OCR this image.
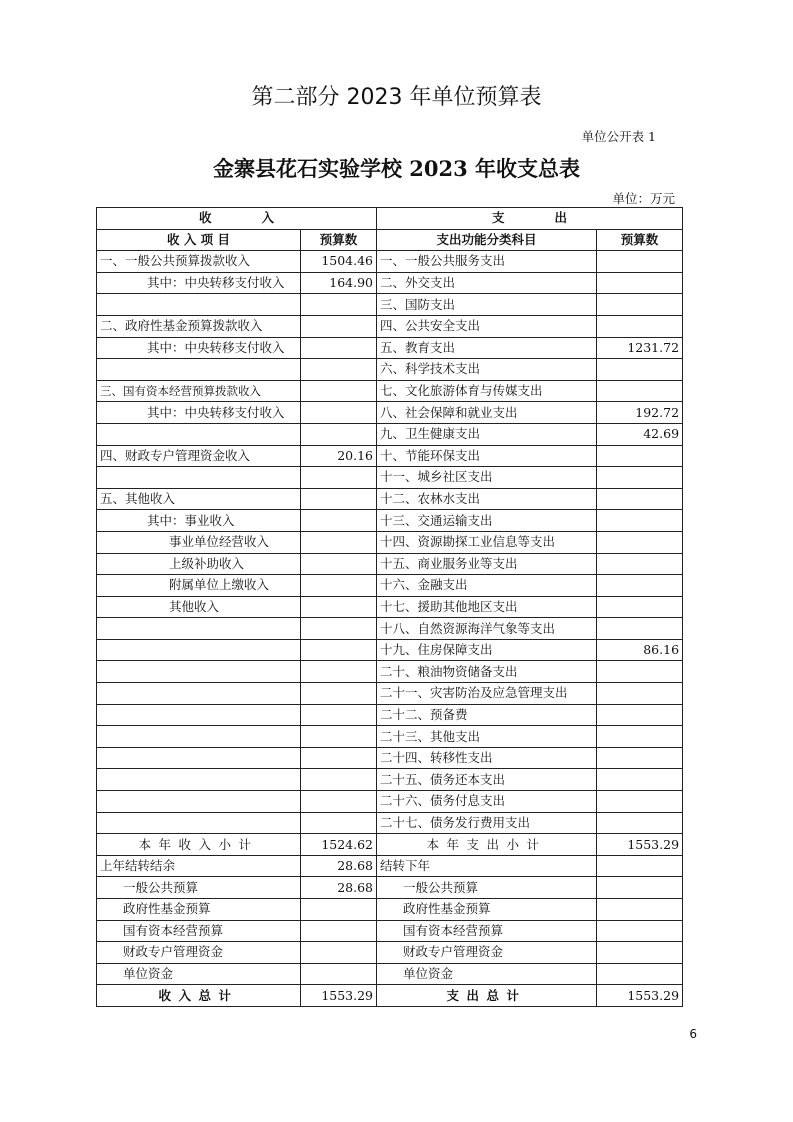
第二部分 2023 年单位预算表
单位公开表 1
金寨县花石实验学校 2023 年收支总表
单位：万元
收　　　　入		支　　　　出	
收 入 项 目	预算数	支出功能分类科目	预算数
一、一般公共预算拨款收入	1504.46	一、一般公共服务支出	
其中：中央转移支付收入	164.90	二、外交支出	
		三、国防支出	
二、政府性基金预算拨款收入		四、公共安全支出	
其中：中央转移支付收入		五、教育支出	1231.72
		六、科学技术支出	
三、国有资本经营预算拨款收入		七、文化旅游体育与传媒支出	
其中：中央转移支付收入		八、社会保障和就业支出	192.72
		九、卫生健康支出	42.69
四、财政专户管理资金收入	20.16	十、节能环保支出	
		十一、城乡社区支出	
五、其他收入		十二、农林水支出	
其中：事业收入		十三、交通运输支出	
事业单位经营收入		十四、资源勘探工业信息等支出	
上级补助收入		十五、商业服务业等支出	
附属单位上缴收入		十六、金融支出	
其他收入		十七、援助其他地区支出	
		十八、自然资源海洋气象等支出	
		十九、住房保障支出	86.16
		二十、粮油物资储备支出	
		二十一、灾害防治及应急管理支出	
		二十二、预备费	
		二十三、其他支出	
		二十四、转移性支出	
		二十五、债务还本支出	
		二十六、债务付息支出	
		二十七、债务发行费用支出	
本年收入小计	1524.62	本年支出小计	1553.29
上年结转结余	28.68	结转下年	
一般公共预算	28.68	一般公共预算	
政府性基金预算		政府性基金预算	
国有资本经营预算		国有资本经营预算	
财政专户管理资金		财政专户管理资金	
单位资金		单位资金	
收入总计	1553.29	支出总计	1553.29
6
